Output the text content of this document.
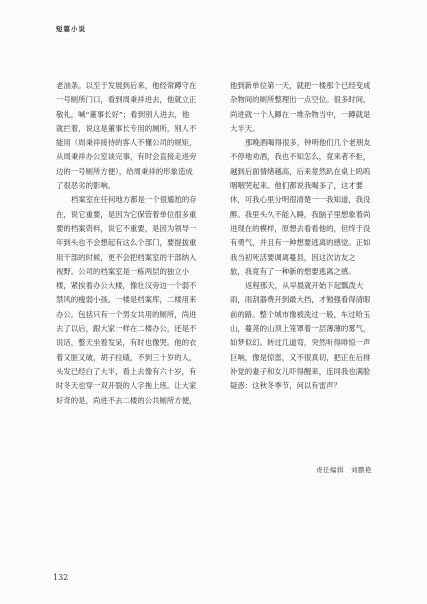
短篇小说
老油条。以至于发展到后来，他经常蹲守在
一号厕所门口，看到周秉祥进去，他就立正
敬礼，喊“董事长好”；看到别人进去，他
就拦着，说这是董事长专用的厕所，别人不
能用（周秉祥接待的客人不懂公司的规矩，
从周秉祥办公室谈完事，有时会直接走进旁
边的一号厕所方便），给周秉祥的形象造成
了很恶劣的影响。
档案室在任何地方都是一个很尴尬的存
在，说它重要，是因为它保管着单位很多重
要的档案资料，说它不重要，是因为领导一
年到头也不会想起有这么个部门，要提拔重
用干部的时候，更不会把档案室的干部纳入
视野。公司的档案室是一栋两层的独立小
楼，紧挨着办公大楼，像壮汉旁边一个弱不
禁风的瘦弱小孩。一楼是档案库，二楼用来
办公，包括只有一个男女共用的厕所，尚进
去了以后，跟大家一样在二楼办公，还是不
说话，整天坐着发呆，有时也像哭。他的衣
着又脏又破，胡子拉碴，不到三十岁的人，
头发已经白了大半，看上去像有六十岁，有
时冬天也穿一双开裂的人字拖上班。让大家
好奇的是，尚进不去二楼的公共厕所方便，
他到新单位第一天，就把一楼那个已经变成
杂物间的厕所整理出一点空位。很多时间，
尚进就一个人蹲在一堆杂物当中，一蹲就是
大半天。
那晚酒喝得很多，钟明他们几个老朋友
不停地劝酒，我也不知怎么，竟来者不拒，
越到后面情绪越高，后来竟然趴在桌上呜呜
咽咽哭起来。他们都说我喝多了，这才要
休，可我心里分明很清楚一一我知道，我没
醉。我里头久不能入睡，我脑子里想象着尚
进现在的模样，原想去看看他的，但终于没
有勇气，并且有一种想要逃离的感觉。正如
我当初死活要调离蔓县，因这次访友之
旅，我竟有了一种新的想要逃离之感。
返程那天，从早晨就开始下起瓢泼大
雨，雨刮器费开到最大挡，才勉强看得清眼
前的路。整个城市像被洗过一般，车过哈玉
山，蔓荛的山顶上笼罩着一层薄薄的雾气，
如梦似幻。转过几道弯，突然听得啡惊一声
巨响，像是惊雷，又不很真切，把正在后排
补觉的妻子和女儿吓得醒来，连同我也满脸
疑惑：这秋冬季节，何以有雷声？
责任编辑　刘鹏艳
132
